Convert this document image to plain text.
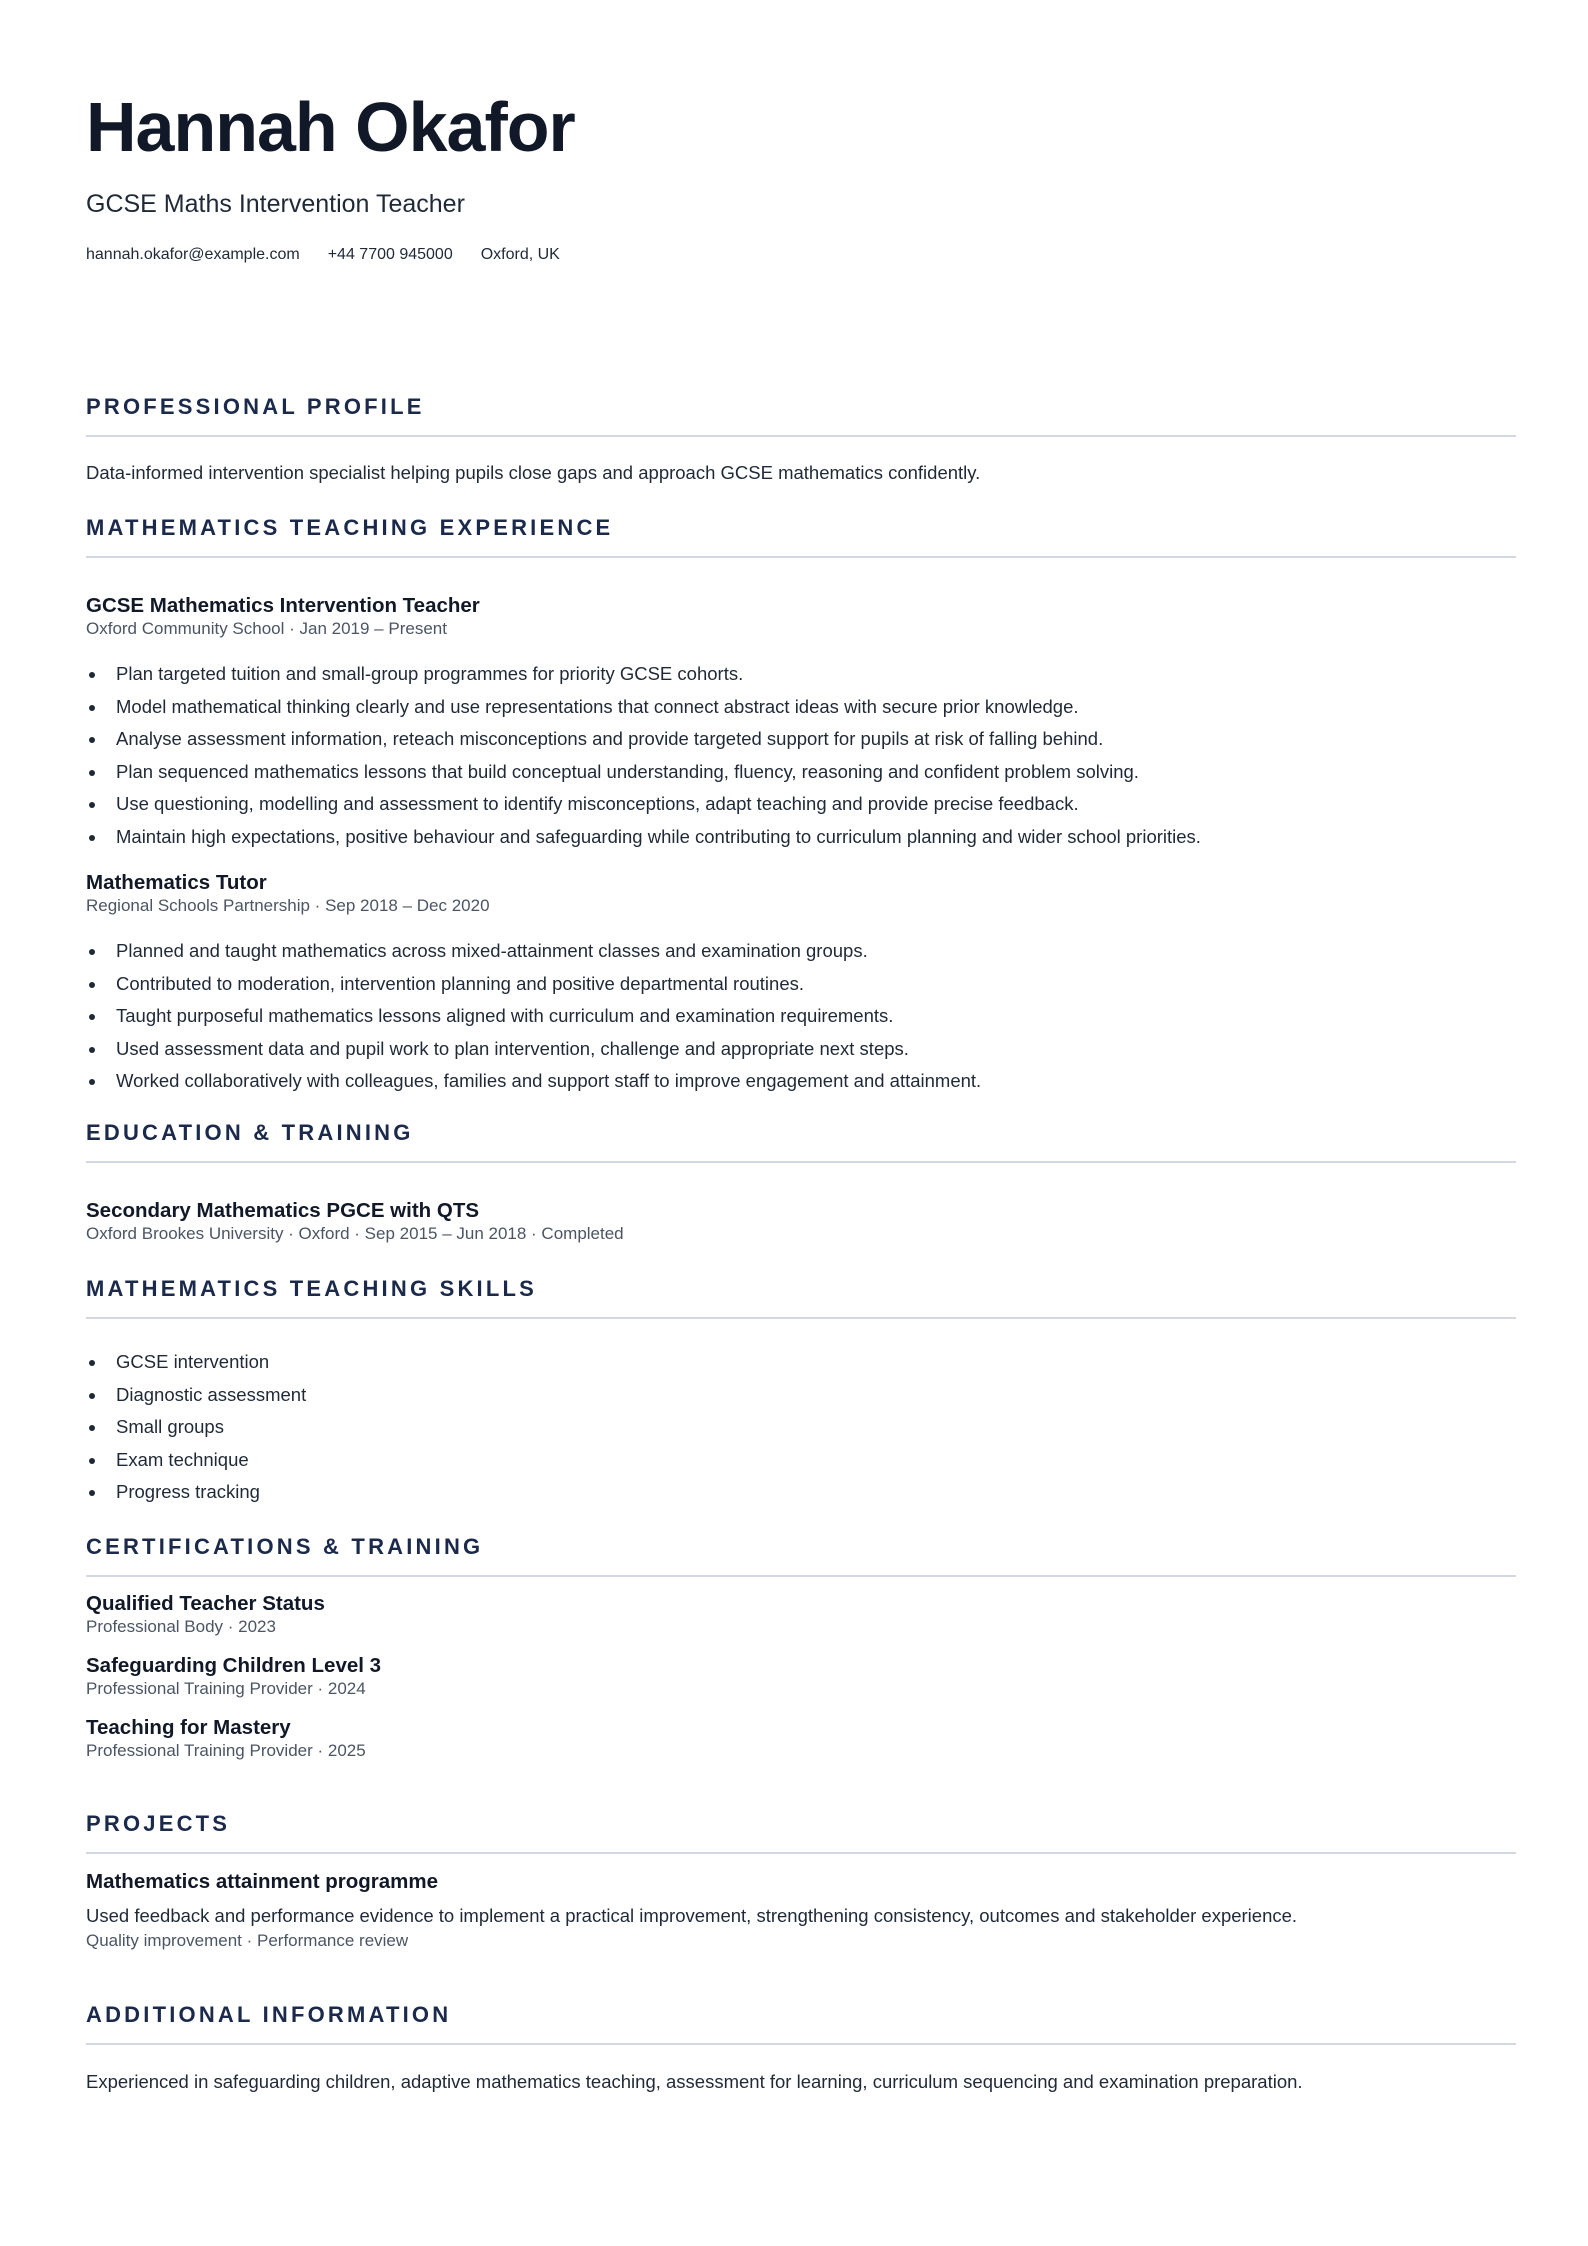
Hannah Okafor

GCSE Maths Intervention Teacher

hannah.okafor@example.com +44 7700 945000 Oxford, UK
PROFESSIONAL PROFILE

Data-informed intervention specialist helping pupils close gaps and approach GCSE mathematics confidently.

MATHEMATICS TEACHING EXPERIENCE

GCSE Mathematics Intervention Teacher

Oxford Community School · Jan 2019 – Present

Plan targeted tuition and small-group programmes for priority GCSE cohorts.
Model mathematical thinking clearly and use representations that connect abstract ideas with secure prior knowledge.
Analyse assessment information, reteach misconceptions and provide targeted support for pupils at risk of falling behind.
Plan sequenced mathematics lessons that build conceptual understanding, fluency, reasoning and confident problem solving.
Use questioning, modelling and assessment to identify misconceptions, adapt teaching and provide precise feedback.
Maintain high expectations, positive behaviour and safeguarding while contributing to curriculum planning and wider school priorities.

Mathematics Tutor

Regional Schools Partnership · Sep 2018 – Dec 2020

Planned and taught mathematics across mixed-attainment classes and examination groups.
Contributed to moderation, intervention planning and positive departmental routines.
Taught purposeful mathematics lessons aligned with curriculum and examination requirements.
Used assessment data and pupil work to plan intervention, challenge and appropriate next steps.
Worked collaboratively with colleagues, families and support staff to improve engagement and attainment.
EDUCATION & TRAINING

Secondary Mathematics PGCE with QTS

Oxford Brookes University · Oxford · Sep 2015 – Jun 2018 · Completed

MATHEMATICS TEACHING SKILLS
GCSE intervention
Diagnostic assessment
Small groups
Exam technique
Progress tracking
CERTIFICATIONS & TRAINING

Qualified Teacher Status

Professional Body · 2023

Safeguarding Children Level 3

Professional Training Provider · 2024

Teaching for Mastery

Professional Training Provider · 2025

PROJECTS

Mathematics attainment programme

Used feedback and performance evidence to implement a practical improvement, strengthening consistency, outcomes and stakeholder experience.

Quality improvement · Performance review

ADDITIONAL INFORMATION

Experienced in safeguarding children, adaptive mathematics teaching, assessment for learning, curriculum sequencing and examination preparation.
